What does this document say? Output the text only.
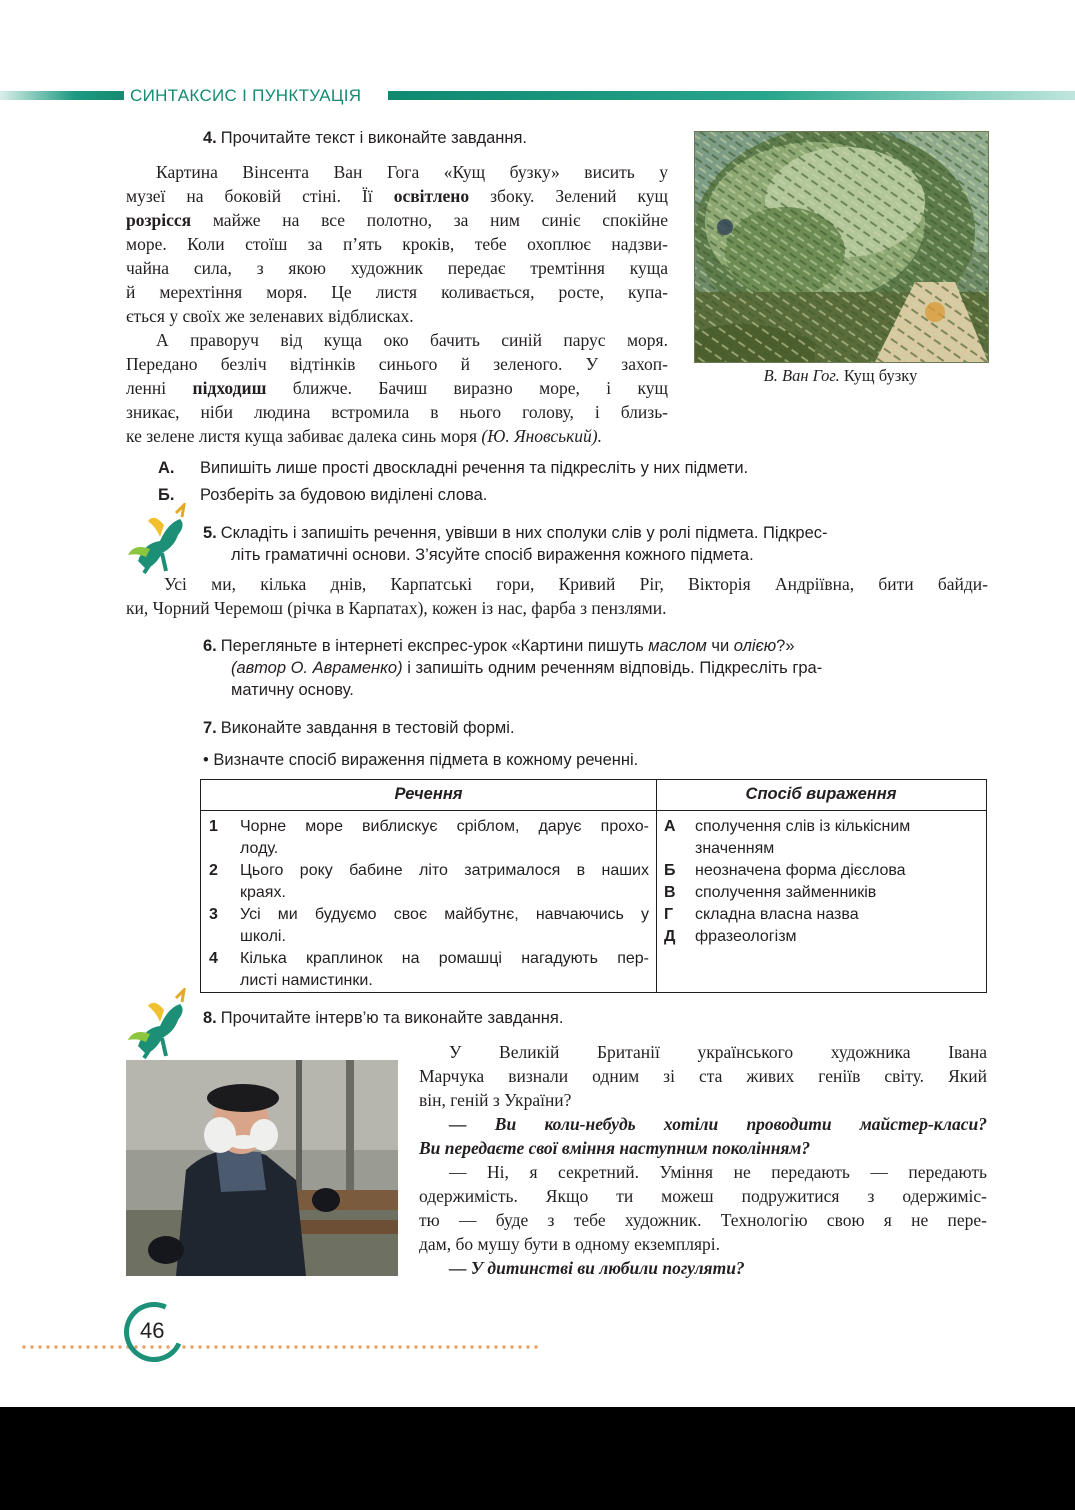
СИНТАКСИС І ПУНКТУАЦІЯ
4. Прочитайте текст і виконайте завдання.
Картина Вінсента Ван Гога «Кущ бузку» висить у
музеї на боковій стіні. Її освітлено збоку. Зелений кущ
розрісся майже на все полотно, за ним синіє спокійне
море. Коли стоїш за п’ять кроків, тебе охоплює надзви-
чайна сила, з якою художник передає тремтіння куща
й мерехтіння моря. Це листя коливається, росте, купа-
ється у своїх же зеленавих відблисках.
А праворуч від куща око бачить синій парус моря.
Передано безліч відтінків синього й зеленого. У захоп-
ленні підходиш ближче. Бачиш виразно море, і кущ
зникає, ніби людина встромила в нього голову, і близь-
ке зелене листя куща забиває далека синь моря (Ю. Яновський).
В. Ван Гог. Кущ бузку
А. Випишіть лише прості двоскладні речення та підкресліть у них підмети.
Б. Розберіть за будовою виділені слова.
5. Складіть і запишіть речення, увівши в них сполуки слів у ролі підмета. Підкрес-
літь граматичні основи. З’ясуйте спосіб вираження кожного підмета.
Усі ми, кілька днів, Карпатські гори, Кривий Ріг, Вікторія Андріївна, бити байди-
ки, Чорний Черемош (річка в Карпатах), кожен із нас, фарба з пензлями.
6. Перегляньте в інтернеті експрес-урок «Картини пишуть маслом чи олією?»
(автор О. Авраменко) і запишіть одним реченням відповідь. Підкресліть гра-
матичну основу.
7. Виконайте завдання в тестовій формі.
• Визначте спосіб вираження підмета в кожному реченні.
Речення	Спосіб вираження
1 Чорне море виблискує сріблом, дарує прохо-
лоду.
2 Цього року бабине літо затрималося в наших
краях.
3 Усі ми будуємо своє майбутнє, навчаючись у
школі.
4 Кілька краплинок на ромашці нагадують пер-
листі намистинки.
А сполучення слів із кількісним
значенням
Б неозначена форма дієслова
В сполучення займенників
Г складна власна назва
Д фразеологізм
8. Прочитайте інтерв’ю та виконайте завдання.
У Великій Британії українського художника Івана
Марчука визнали одним зі ста живих геніїв світу. Який
він, геній з України?
— Ви коли-небудь хотіли проводити майстер-класи?
Ви передаєте свої вміння наступним поколінням?
— Ні, я секретний. Уміння не передають — передають
одержимість. Якщо ти можеш подружитися з одержиміс-
тю — буде з тебе художник. Технологію свою я не пере-
дам, бо мушу бути в одному екземплярі.
— У дитинстві ви любили погуляти?
46
